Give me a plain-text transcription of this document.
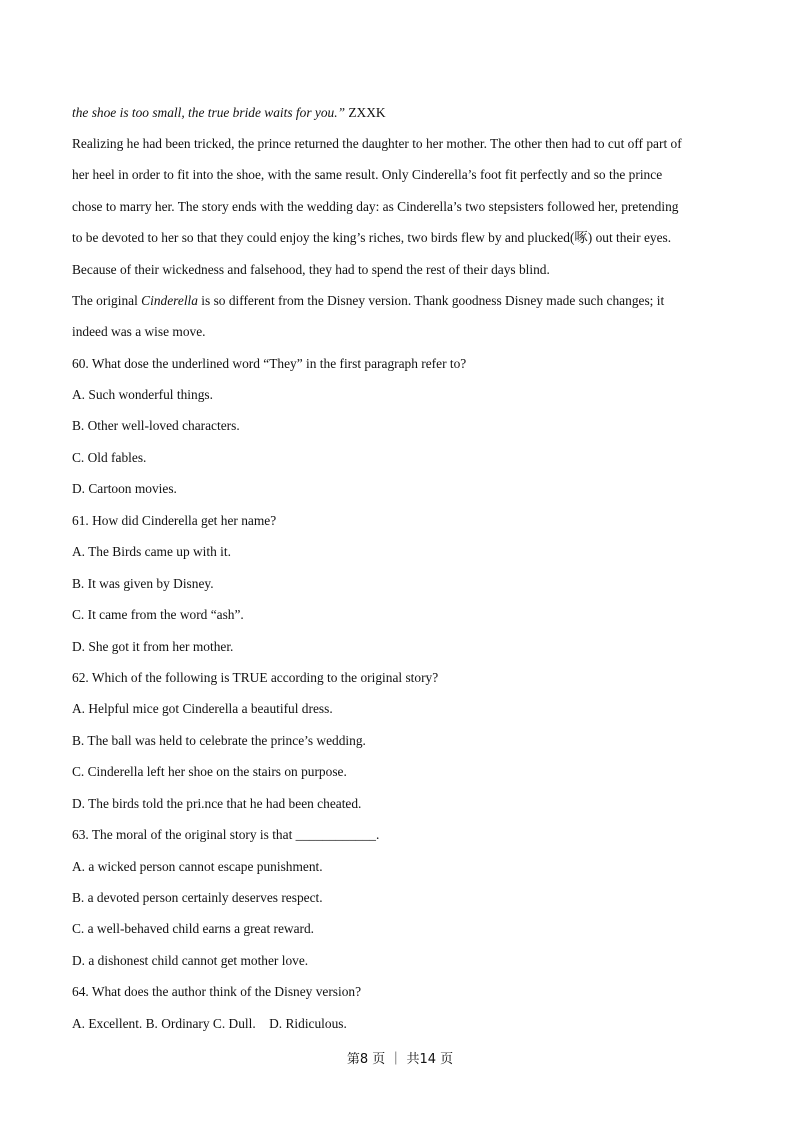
the shoe is too small, the true bride waits for you.” ZXXK
Realizing he had been tricked, the prince returned the daughter to her mother. The other then had to cut off part of
her heel in order to fit into the shoe, with the same result. Only Cinderella’s foot fit perfectly and so the prince
chose to marry her. The story ends with the wedding day: as Cinderella’s two stepsisters followed her, pretending
to be devoted to her so that they could enjoy the king’s riches, two birds flew by and plucked(啄) out their eyes.
Because of their wickedness and falsehood, they had to spend the rest of their days blind.
The original Cinderella is so different from the Disney version. Thank goodness Disney made such changes; it
indeed was a wise move.
60. What dose the underlined word “They” in the first paragraph refer to?
A. Such wonderful things.
B. Other well-loved characters.
C. Old fables.
D. Cartoon movies.
61. How did Cinderella get her name?
A. The Birds came up with it.
B. It was given by Disney.
C. It came from the word “ash”.
D. She got it from her mother.
62. Which of the following is TRUE according to the original story?
A. Helpful mice got Cinderella a beautiful dress.
B. The ball was held to celebrate the prince’s wedding.
C. Cinderella left her shoe on the stairs on purpose.
D. The birds told the pri.nce that he had been cheated.
63. The moral of the original story is that ____________.
A. a wicked person cannot escape punishment.
B. a devoted person certainly deserves respect.
C. a well-behaved child earns a great reward.
D. a dishonest child cannot get mother love.
64. What does the author think of the Disney version?
A. Excellent. B. Ordinary C. Dull.    D. Ridiculous.
第8 页 ｜ 共14 页
